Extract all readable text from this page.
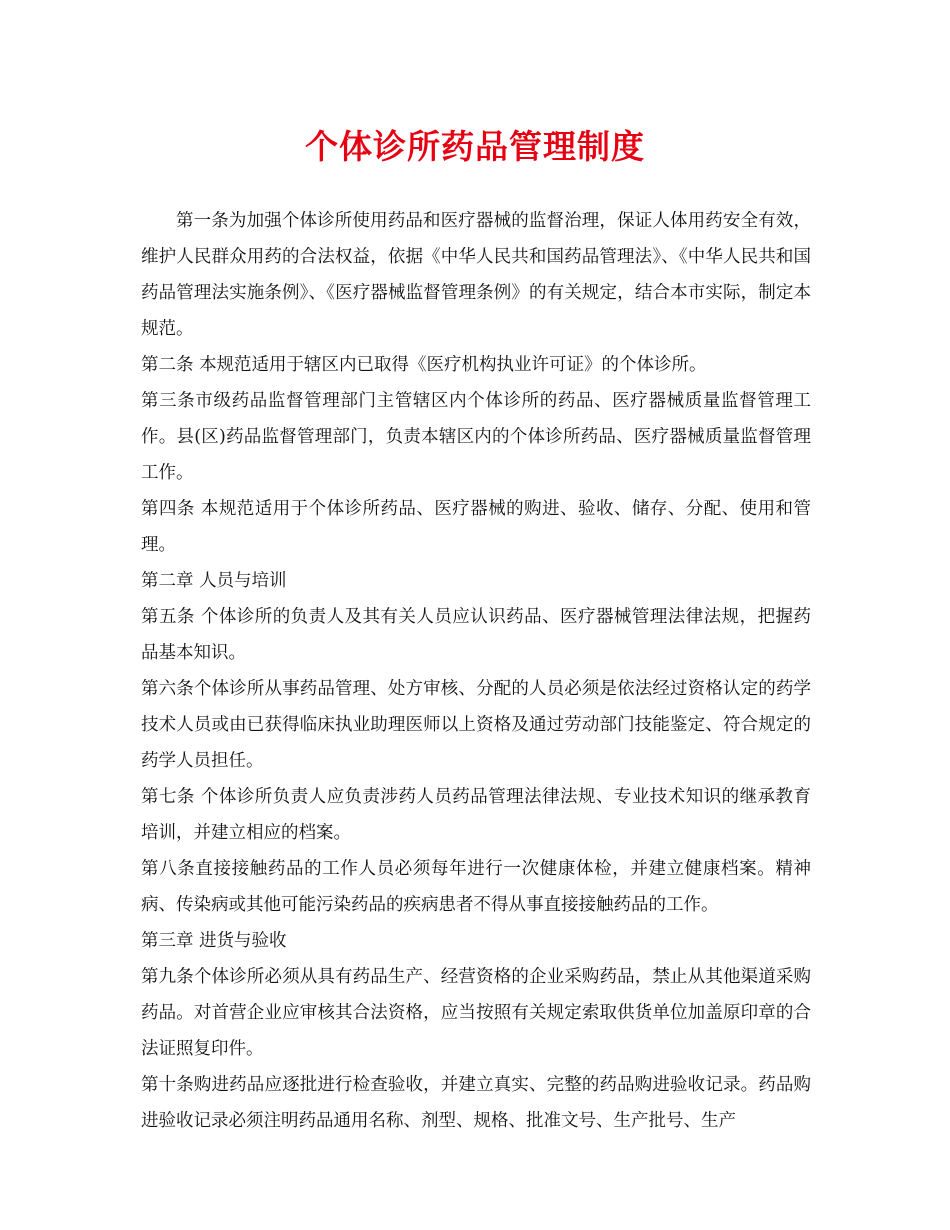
个体诊所药品管理制度

第一条为加强个体诊所使用药品和医疗器械的监督治理，保证人体用药安全有效，维护人民群众用药的合法权益，依据《中华人民共和国药品管理法》、《中华人民共和国药品管理法实施条例》、《医疗器械监督管理条例》的有关规定，结合本市实际，制定本规范。

第二条 本规范适用于辖区内已取得《医疗机构执业许可证》的个体诊所。

第三条市级药品监督管理部门主管辖区内个体诊所的药品、医疗器械质量监督管理工作。县(区)药品监督管理部门，负责本辖区内的个体诊所药品、医疗器械质量监督管理工作。

第四条 本规范适用于个体诊所药品、医疗器械的购进、验收、储存、分配、使用和管理。

第二章 人员与培训

第五条 个体诊所的负责人及其有关人员应认识药品、医疗器械管理法律法规，把握药品基本知识。

第六条个体诊所从事药品管理、处方审核、分配的人员必须是依法经过资格认定的药学技术人员或由已获得临床执业助理医师以上资格及通过劳动部门技能鉴定、符合规定的药学人员担任。

第七条 个体诊所负责人应负责涉药人员药品管理法律法规、专业技术知识的继承教育培训，并建立相应的档案。

第八条直接接触药品的工作人员必须每年进行一次健康体检，并建立健康档案。精神病、传染病或其他可能污染药品的疾病患者不得从事直接接触药品的工作。

第三章 进货与验收

第九条个体诊所必须从具有药品生产、经营资格的企业采购药品，禁止从其他渠道采购药品。对首营企业应审核其合法资格，应当按照有关规定索取供货单位加盖原印章的合法证照复印件。

第十条购进药品应逐批进行检查验收，并建立真实、完整的药品购进验收记录。药品购进验收记录必须注明药品通用名称、剂型、规格、批准文号、生产批号、生产
